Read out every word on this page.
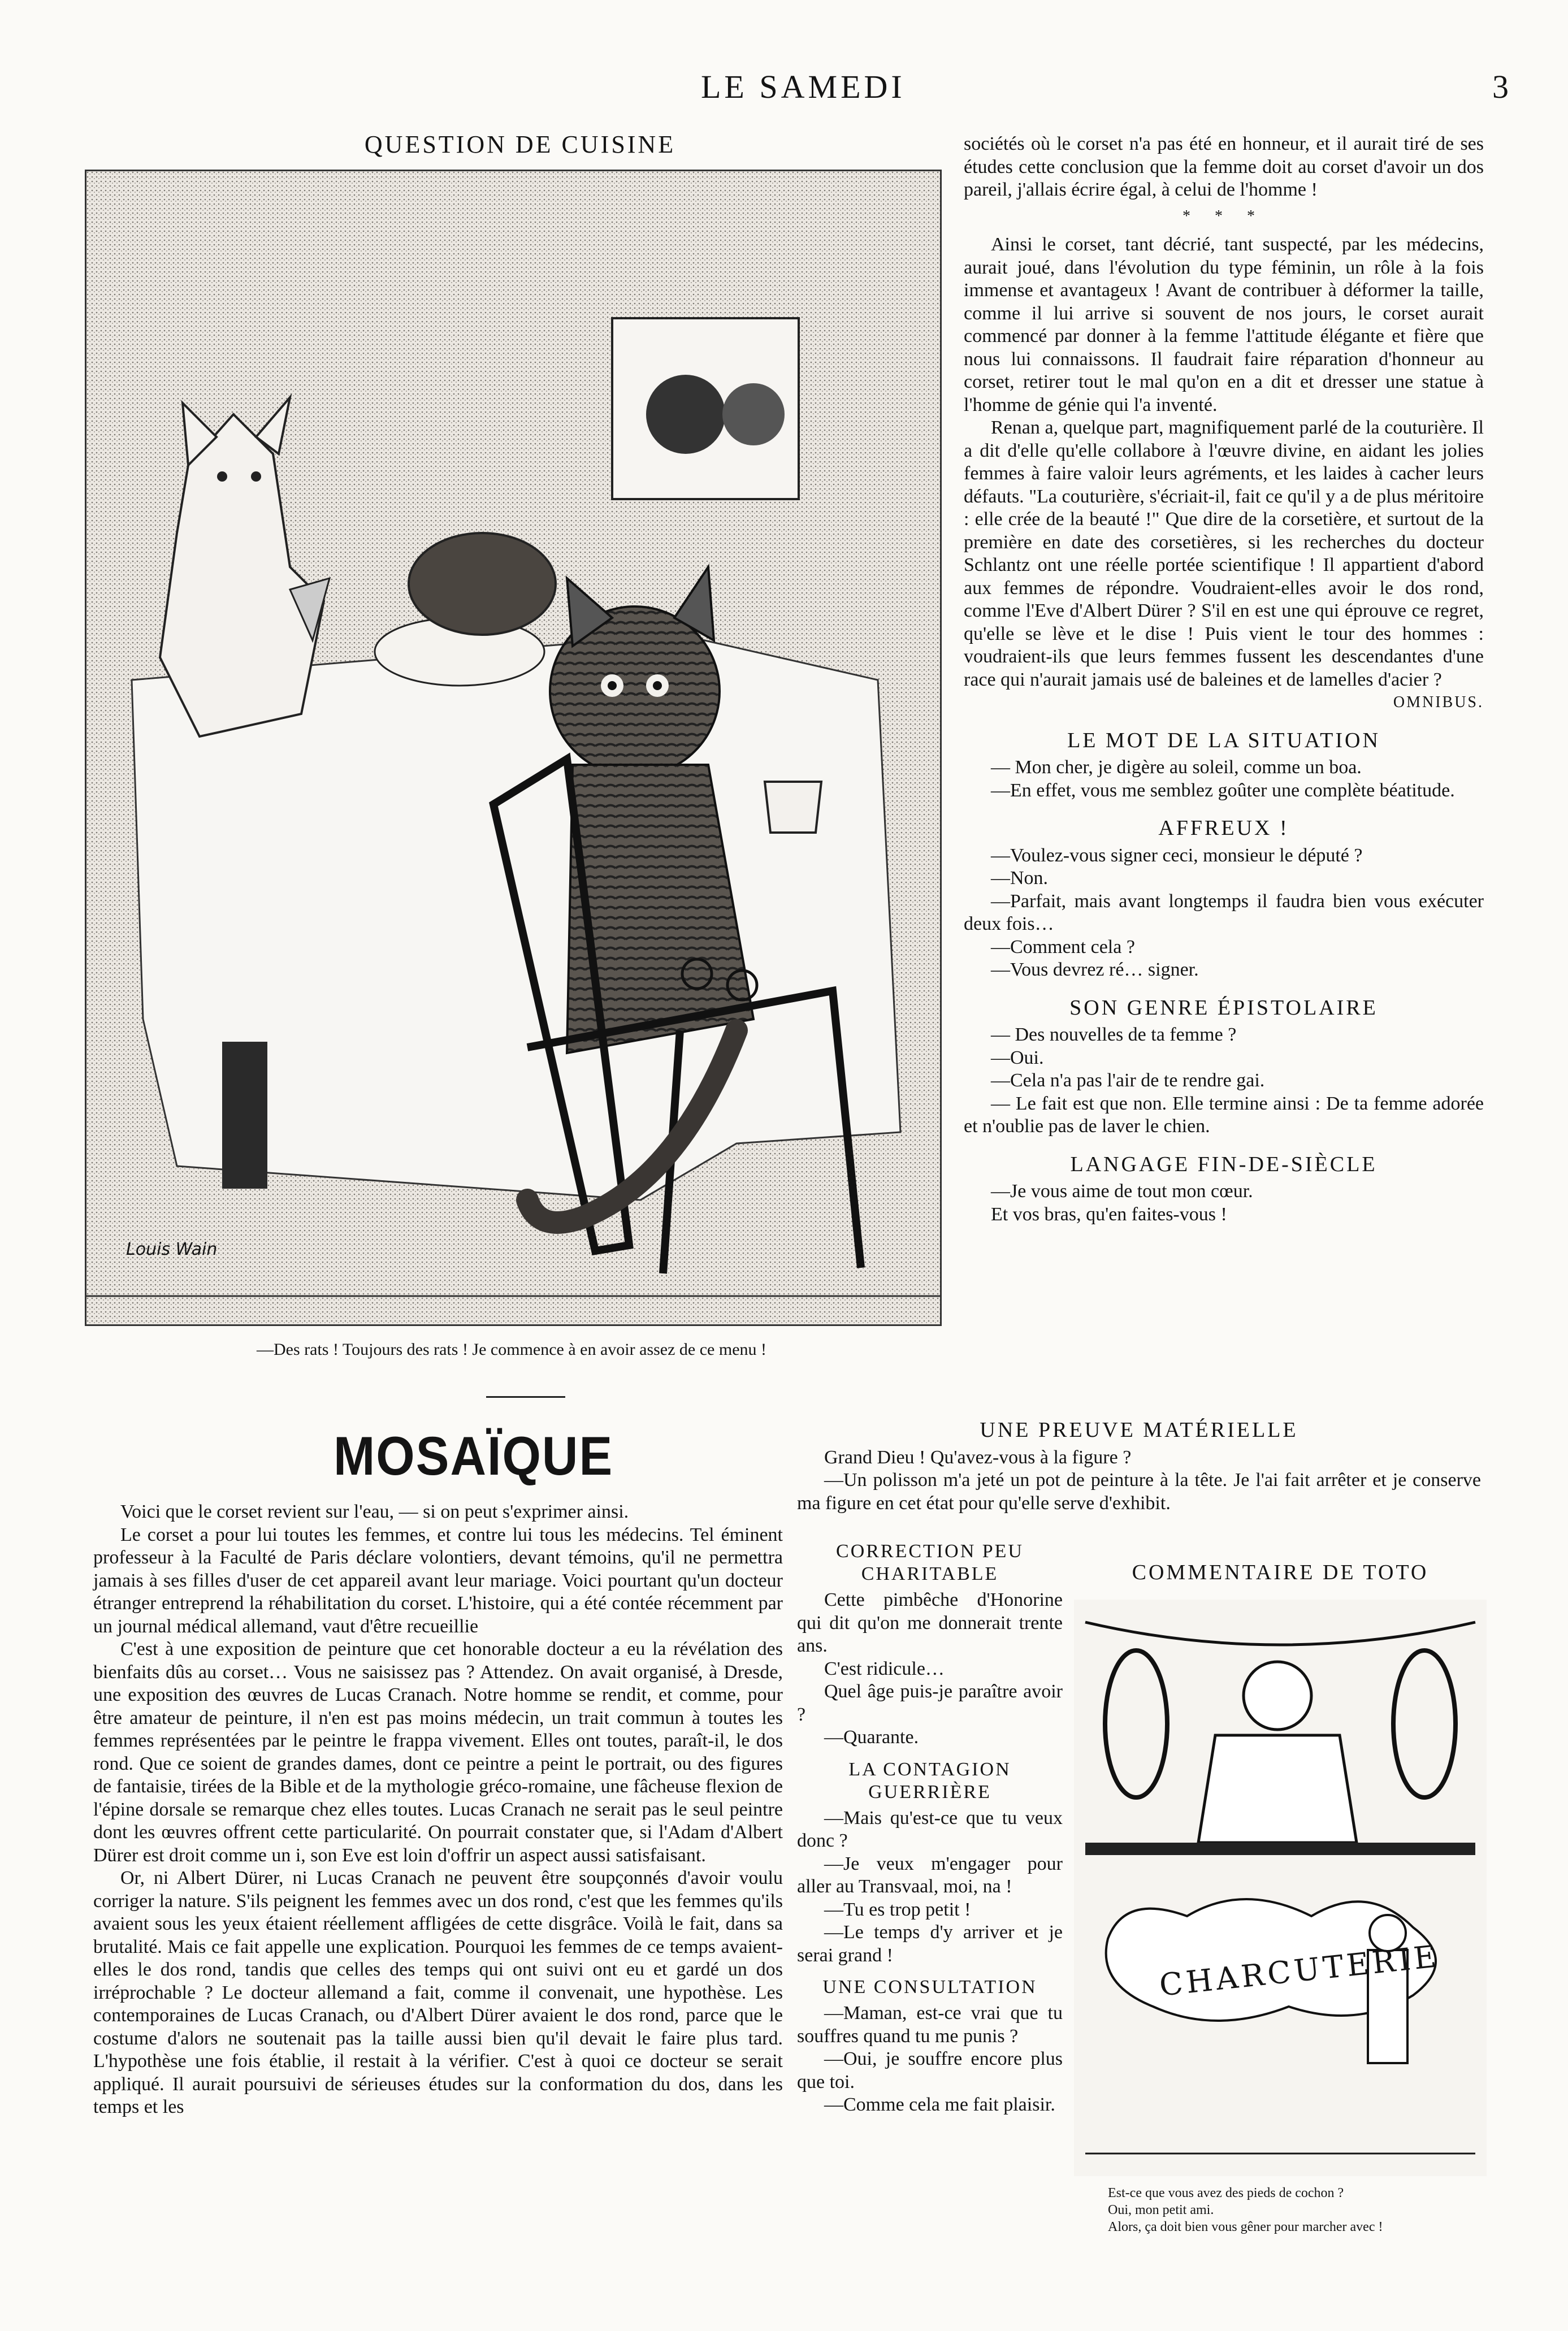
LE SAMEDI	3
QUESTION DE CUISINE
Louis Wain
—Des rats ! Toujours des rats ! Je commence à en avoir assez de ce menu !

sociétés où le corset n'a pas été en honneur, et il aurait tiré de ses études cette conclusion que la femme doit au corset d'avoir un dos pareil, j'allais écrire égal, à celui de l'homme !

* * *

Ainsi le corset, tant décrié, tant suspecté, par les médecins, aurait joué, dans l'évolution du type féminin, un rôle à la fois immense et avantageux ! Avant de contribuer à déformer la taille, comme il lui arrive si souvent de nos jours, le corset aurait commencé par donner à la femme l'attitude élégante et fière que nous lui connaissons. Il faudrait faire réparation d'honneur au corset, retirer tout le mal qu'on en a dit et dresser une statue à l'homme de génie qui l'a inventé.

Renan a, quelque part, magnifiquement parlé de la couturière. Il a dit d'elle qu'elle collabore à l'œuvre divine, en aidant les jolies femmes à faire valoir leurs agréments, et les laides à cacher leurs défauts. "La couturière, s'écriait-il, fait ce qu'il y a de plus méritoire : elle crée de la beauté !" Que dire de la corsetière, et surtout de la première en date des corsetières, si les recherches du docteur Schlantz ont une réelle portée scientifique ! Il appartient d'abord aux femmes de répondre. Voudraient-elles avoir le dos rond, comme l'Eve d'Albert Dürer ? S'il en est une qui éprouve ce regret, qu'elle se lève et le dise ! Puis vient le tour des hommes : voudraient-ils que leurs femmes fussent les descendantes d'une race qui n'aurait jamais usé de baleines et de lamelles d'acier ?

OMNIBUS.
LE MOT DE LA SITUATION

— Mon cher, je digère au soleil, comme un boa.

—En effet, vous me semblez goûter une complète béatitude.

AFFREUX !

—Voulez-vous signer ceci, monsieur le député ?

—Non.

—Parfait, mais avant longtemps il faudra bien vous exécuter deux fois…

—Comment cela ?

—Vous devrez ré… signer.

SON GENRE ÉPISTOLAIRE

— Des nouvelles de ta femme ?

—Oui.

—Cela n'a pas l'air de te rendre gai.

— Le fait est que non. Elle termine ainsi : De ta femme adorée et n'oublie pas de laver le chien.

LANGAGE FIN-DE-SIÈCLE

—Je vous aime de tout mon cœur.

Et vos bras, qu'en faites-vous !

UNE PREUVE MATÉRIELLE

Grand Dieu ! Qu'avez-vous à la figure ?

—Un polisson m'a jeté un pot de peinture à la tête. Je l'ai fait arrêter et je conserve ma figure en cet état pour qu'elle serve d'exhibit.

MOSAÏQUE

Voici que le corset revient sur l'eau, — si on peut s'exprimer ainsi.

Le corset a pour lui toutes les femmes, et contre lui tous les médecins. Tel éminent professeur à la Faculté de Paris déclare volontiers, devant témoins, qu'il ne permettra jamais à ses filles d'user de cet appareil avant leur mariage. Voici pourtant qu'un docteur étranger entreprend la réhabilitation du corset. L'histoire, qui a été contée récemment par un journal médical allemand, vaut d'être recueillie

C'est à une exposition de peinture que cet honorable docteur a eu la révélation des bienfaits dûs au corset… Vous ne saisissez pas ? Attendez. On avait organisé, à Dresde, une exposition des œuvres de Lucas Cranach. Notre homme se rendit, et comme, pour être amateur de peinture, il n'en est pas moins médecin, un trait commun à toutes les femmes représentées par le peintre le frappa vivement. Elles ont toutes, paraît-il, le dos rond. Que ce soient de grandes dames, dont ce peintre a peint le portrait, ou des figures de fantaisie, tirées de la Bible et de la mythologie gréco-romaine, une fâcheuse flexion de l'épine dorsale se remarque chez elles toutes. Lucas Cranach ne serait pas le seul peintre dont les œuvres offrent cette particularité. On pourrait constater que, si l'Adam d'Albert Dürer est droit comme un i, son Eve est loin d'offrir un aspect aussi satisfaisant.

Or, ni Albert Dürer, ni Lucas Cranach ne peuvent être soupçonnés d'avoir voulu corriger la nature. S'ils peignent les femmes avec un dos rond, c'est que les femmes qu'ils avaient sous les yeux étaient réellement affligées de cette disgrâce. Voilà le fait, dans sa brutalité. Mais ce fait appelle une explication. Pourquoi les femmes de ce temps avaient-elles le dos rond, tandis que celles des temps qui ont suivi ont eu et gardé un dos irréprochable ? Le docteur allemand a fait, comme il convenait, une hypothèse. Les contemporaines de Lucas Cranach, ou d'Albert Dürer avaient le dos rond, parce que le costume d'alors ne soutenait pas la taille aussi bien qu'il devait le faire plus tard. L'hypothèse une fois établie, il restait à la vérifier. C'est à quoi ce docteur se serait appliqué. Il aurait poursuivi de sérieuses études sur la conformation du dos, dans les temps et les

CORRECTION PEU CHARITABLE

Cette pimbêche d'Honorine qui dit qu'on me donnerait trente ans.

C'est ridicule…

Quel âge puis-je paraître avoir ?

—Quarante.

LA CONTAGION GUERRIÈRE

—Mais qu'est-ce que tu veux donc ?

—Je veux m'engager pour aller au Transvaal, moi, na !

—Tu es trop petit !

—Le temps d'y arriver et je serai grand !

UNE CONSULTATION

—Maman, est-ce vrai que tu souffres quand tu me punis ?

—Oui, je souffre encore plus que toi.

—Comme cela me fait plaisir.

COMMENTAIRE DE TOTO
CHARCUTERIE
Est-ce que vous avez des pieds de cochon ?
Oui, mon petit ami.
Alors, ça doit bien vous gêner pour marcher avec !
